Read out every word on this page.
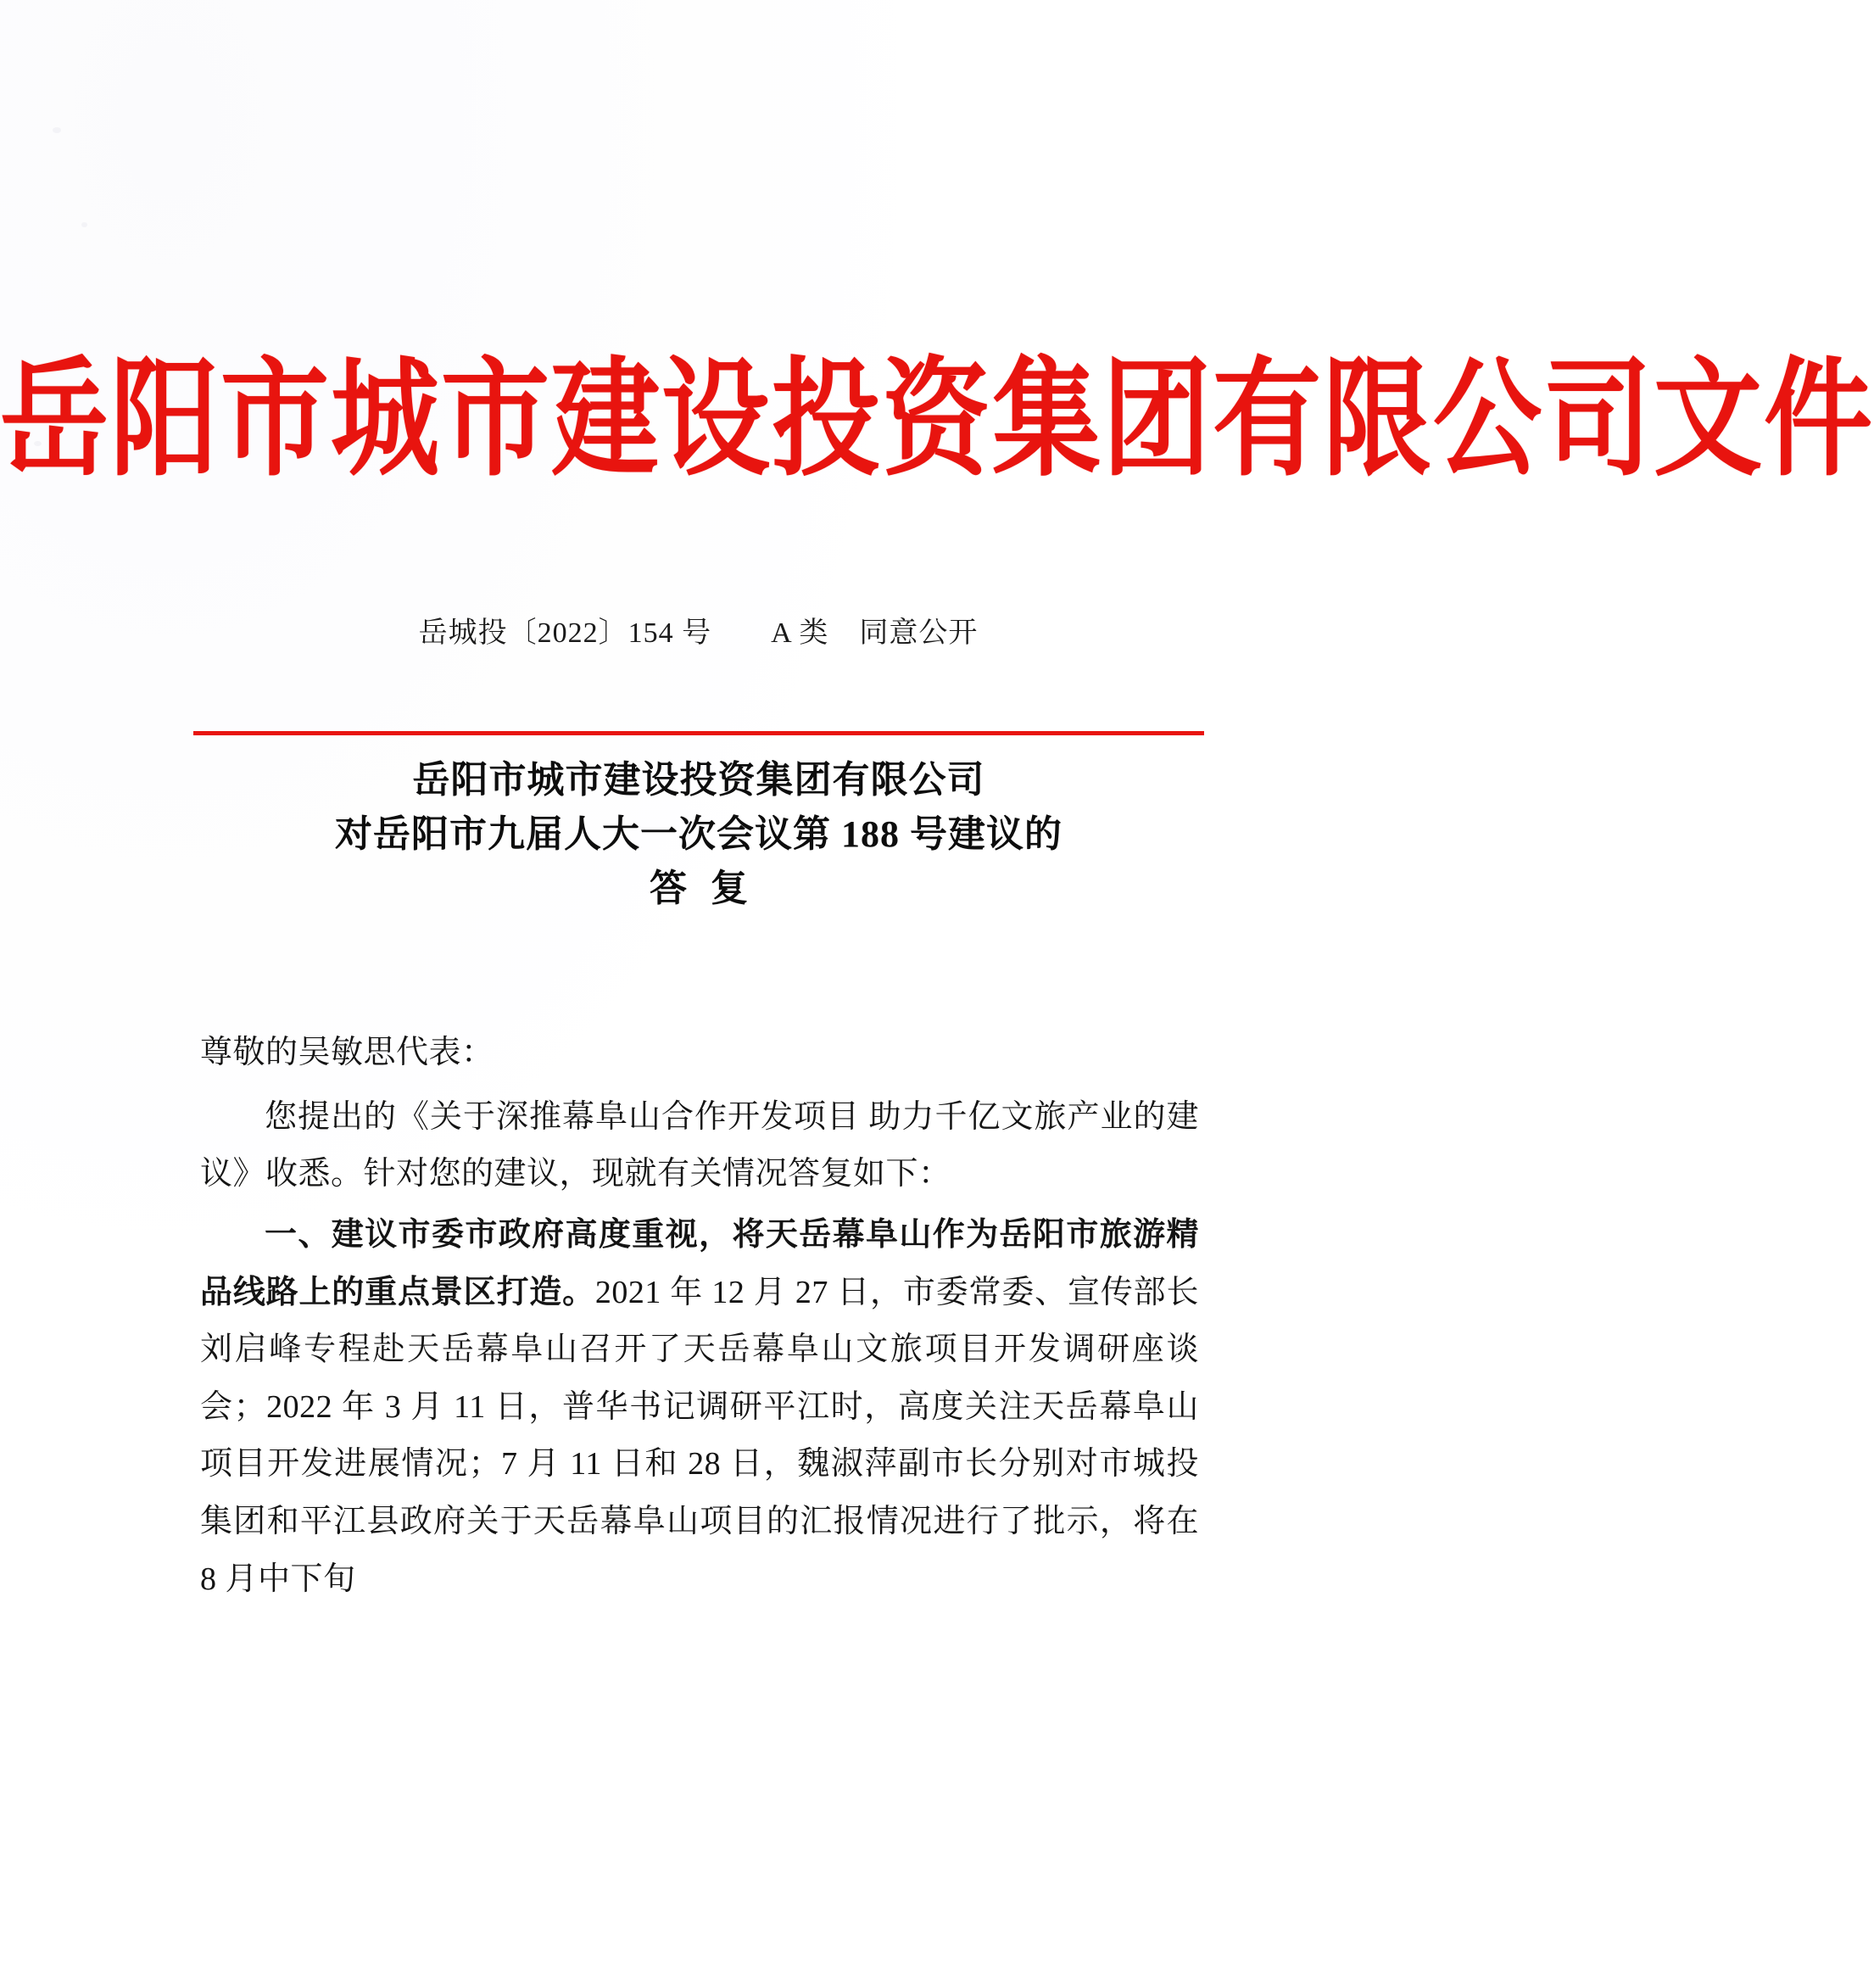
岳阳市城市建设投资集团有限公司文件
岳城投〔2022〕154 号 A 类 同意公开
岳阳市城市建设投资集团有限公司
对岳阳市九届人大一次会议第 188 号建议的
答复
尊敬的吴敏思代表：
您提出的《关于深推幕阜山合作开发项目 助力千亿文旅产业的建议》收悉。针对您的建议，现就有关情况答复如下：
一、建议市委市政府高度重视，将天岳幕阜山作为岳阳市旅游精品线路上的重点景区打造。2021 年 12 月 27 日，市委常委、宣传部长刘启峰专程赴天岳幕阜山召开了天岳幕阜山文旅项目开发调研座谈会；2022 年 3 月 11 日，普华书记调研平江时，高度关注天岳幕阜山项目开发进展情况；7 月 11 日和 28 日，魏淑萍副市长分别对市城投集团和平江县政府关于天岳幕阜山项目的汇报情况进行了批示，将在 8 月中下旬
